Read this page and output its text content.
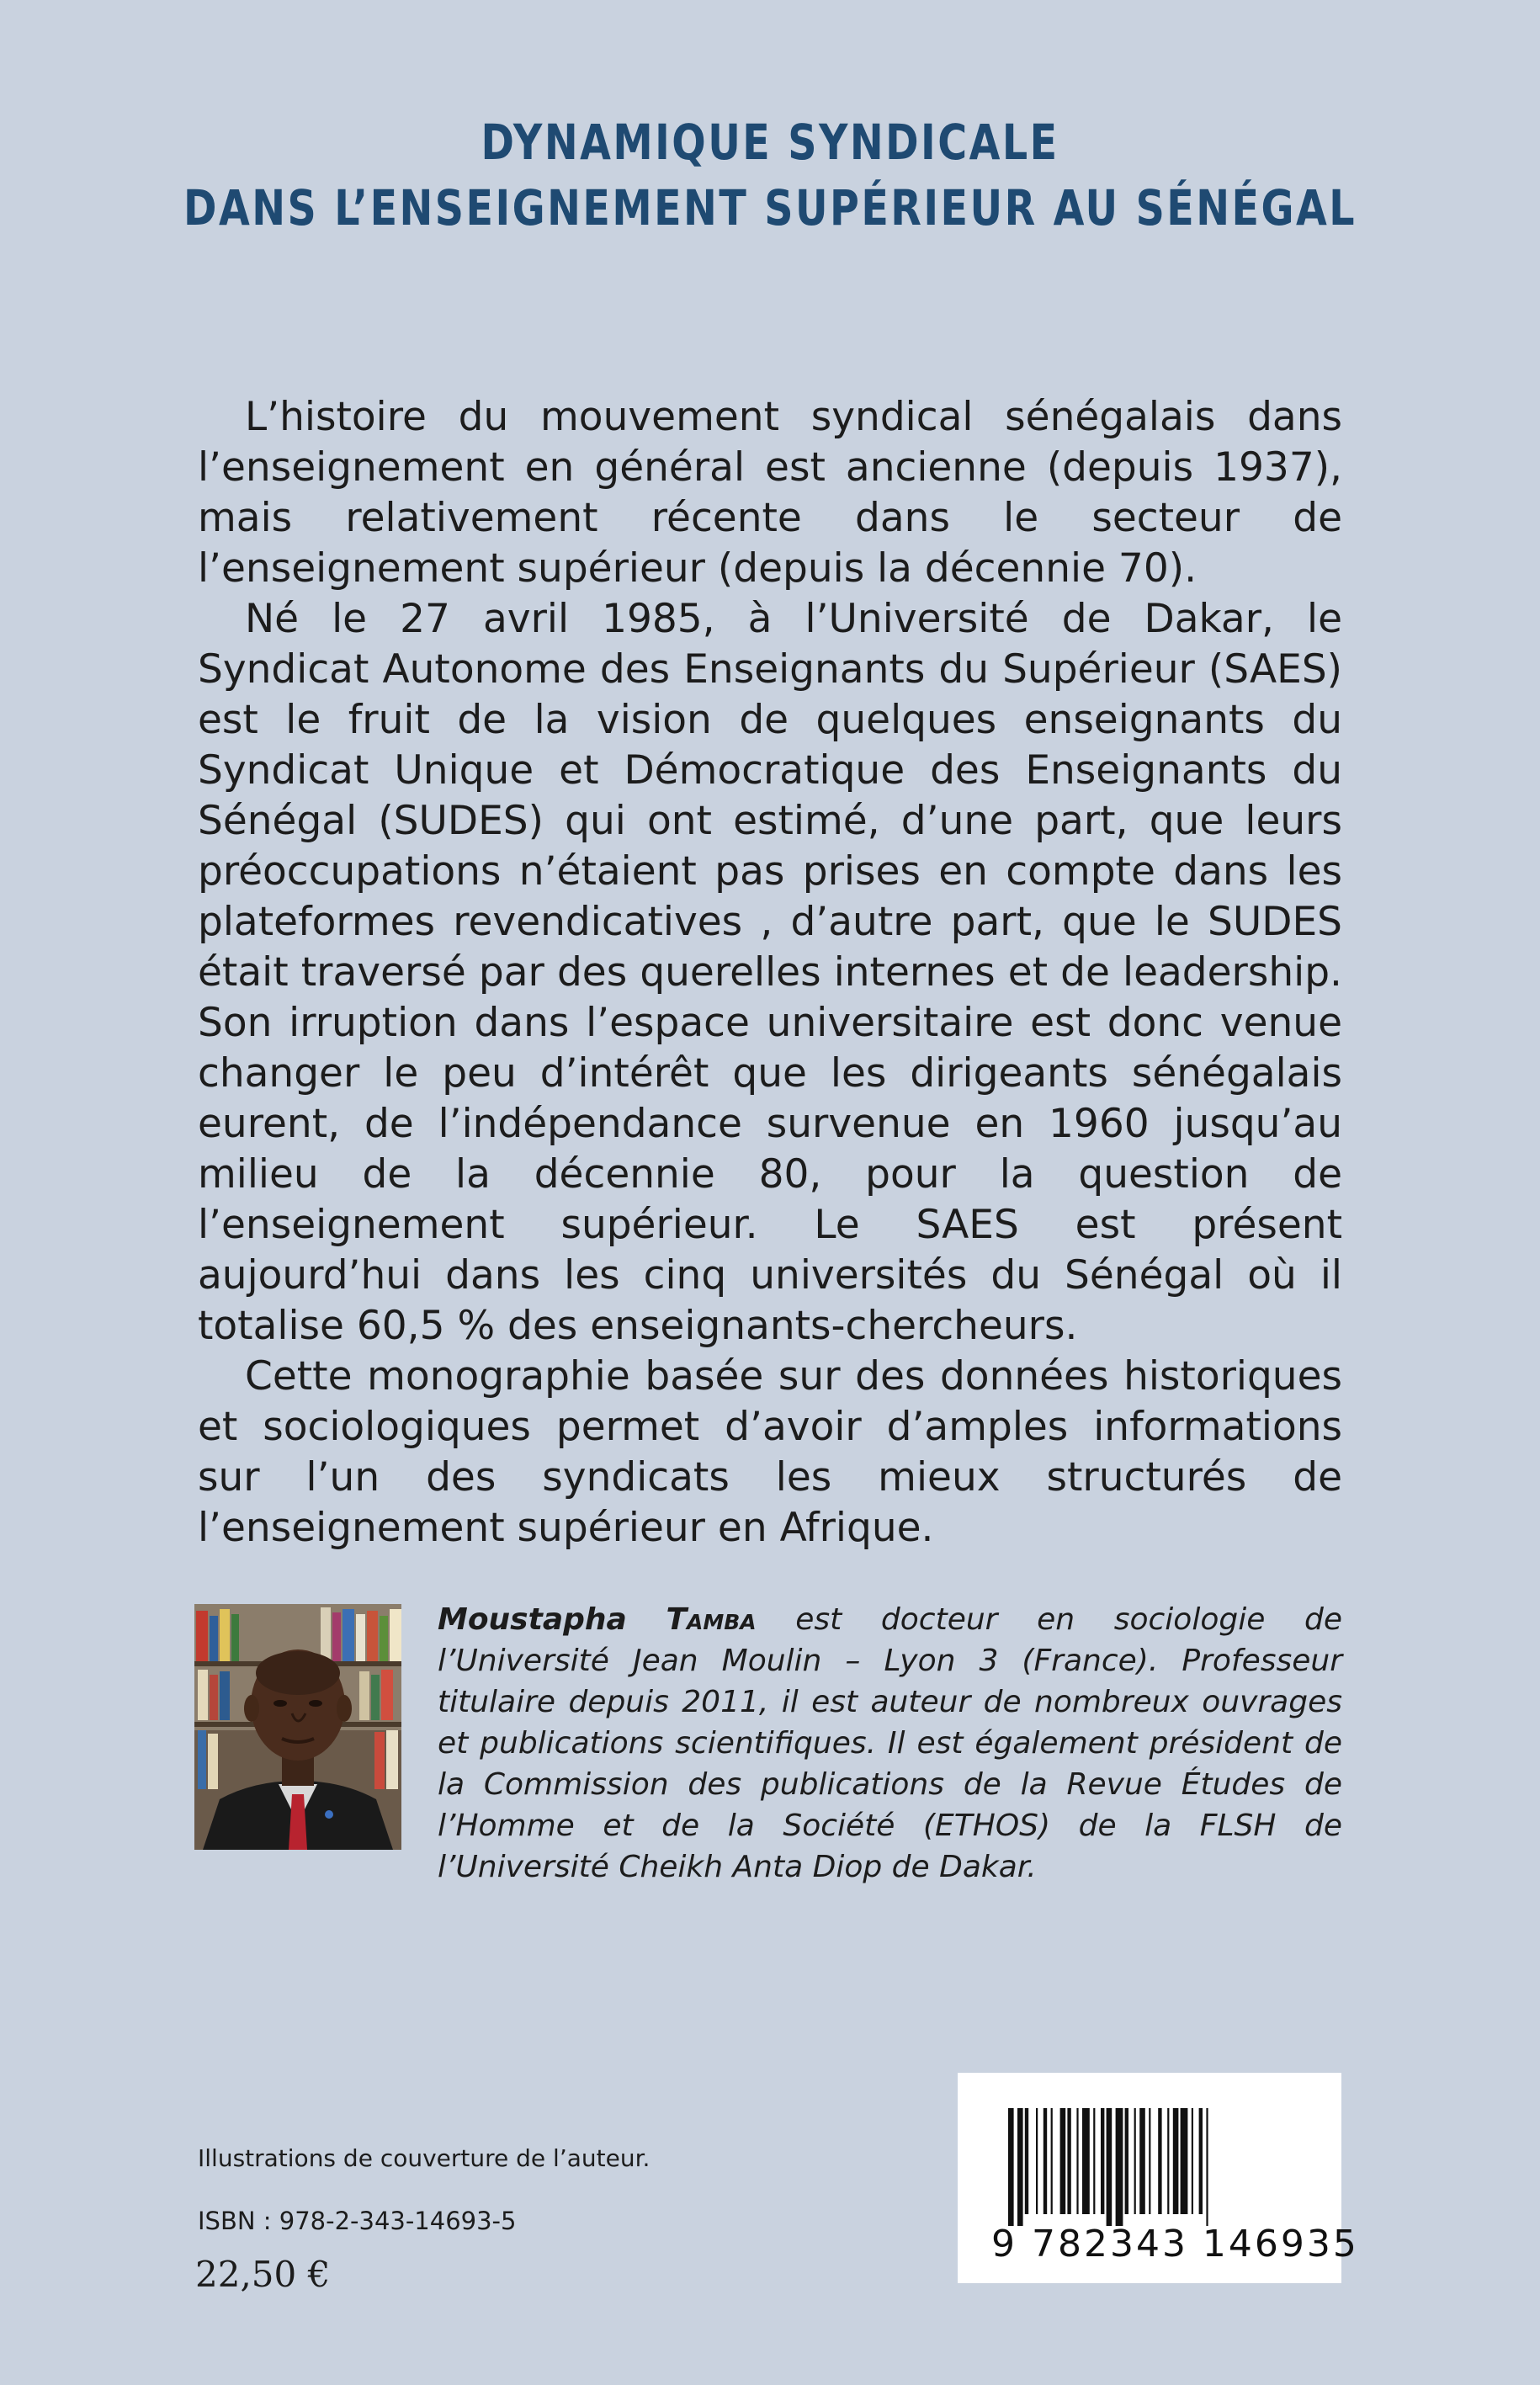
DYNAMIQUE SYNDICALE
DANS L’ENSEIGNEMENT SUPÉRIEUR AU SÉNÉGAL

L’histoire du mouvement syndical sénégalais dans l’enseignement en général est ancienne (depuis 1937), mais relativement récente dans le secteur de l’enseignement supérieur (depuis la décennie 70).

Né le 27 avril 1985, à l’Université de Dakar, le Syndicat Autonome des Enseignants du Supérieur (SAES) est le fruit de la vision de quelques enseignants du Syndicat Unique et Démocratique des Enseignants du Sénégal (SUDES) qui ont estimé, d’une part, que leurs préoccupations n’étaient pas prises en compte dans les plateformes revendicatives , d’autre part, que le SUDES était traversé par des querelles internes et de leadership. Son irruption dans l’espace universitaire est donc venue changer le peu d’intérêt que les dirigeants sénégalais eurent, de l’indépendance survenue en 1960 jusqu’au milieu de la décennie 80, pour la question de l’enseignement supérieur. Le SAES est présent aujourd’hui dans les cinq universités du Sénégal où il totalise 60,5 % des enseignants-chercheurs.

Cette monographie basée sur des données historiques et sociologiques permet d’avoir d’amples informations sur l’un des syndicats les mieux structurés de l’enseignement supérieur en Afrique.

Moustapha Tamba est docteur en sociologie de l’Université Jean Moulin – Lyon 3 (France). Professeur titulaire depuis 2011, il est auteur de nombreux ouvrages et publications scientifiques. Il est également président de la Commission des publications de la Revue Études de l’Homme et de la Société (ETHOS) de la FLSH de l’Université Cheikh Anta Diop de Dakar.

Illustrations de couverture de l’auteur.
ISBN : 978-2-343-14693-5
22,50 €
9 782343 146935
